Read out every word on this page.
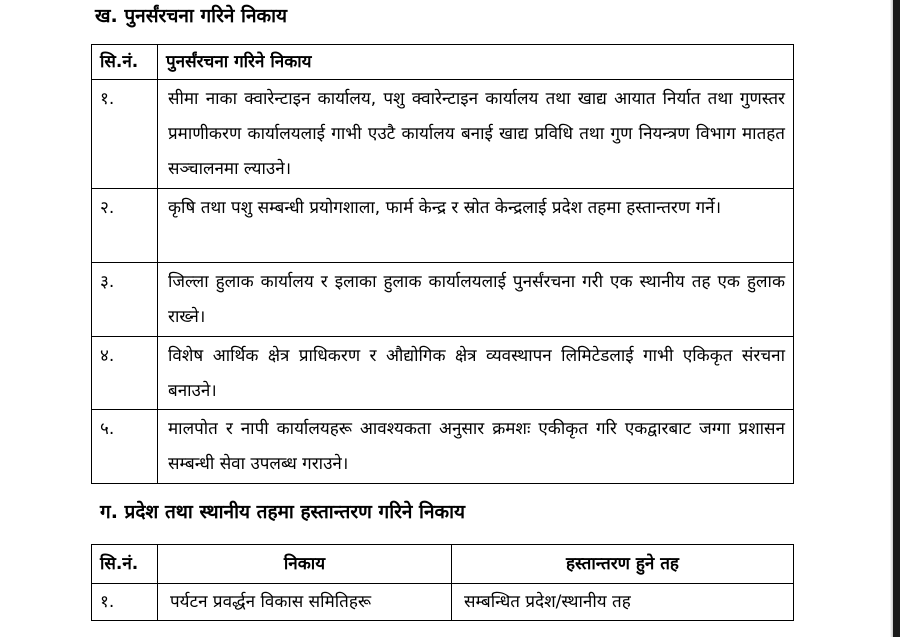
ख. पुनर्संरचना गरिने निकाय
सि.नं.	पुनर्संरचना गरिने निकाय
१.	सीमा नाका क्वारेन्टाइन कार्यालय, पशु क्वारेन्टाइन कार्यालय तथा खाद्य आयात निर्यात तथा गुणस्तर प्रमाणीकरण कार्यालयलाई गाभी एउटै कार्यालय बनाई खाद्य प्रविधि तथा गुण नियन्त्रण विभाग मातहत सञ्चालनमा ल्याउने।
२.	कृषि तथा पशु सम्बन्धी प्रयोगशाला, फार्म केन्द्र र स्रोत केन्द्रलाई प्रदेश तहमा हस्तान्तरण गर्ने।
३.	जिल्ला हुलाक कार्यालय र इलाका हुलाक कार्यालयलाई पुनर्संरचना गरी एक स्थानीय तह एक हुलाक राख्ने।
४.	विशेष आर्थिक क्षेत्र प्राधिकरण र औद्योगिक क्षेत्र व्यवस्थापन लिमिटेडलाई गाभी एकिकृत संरचना बनाउने।
५.	मालपोत र नापी कार्यालयहरू आवश्यकता अनुसार क्रमशः एकीकृत गरि एकद्वारबाट जग्गा प्रशासन सम्बन्धी सेवा उपलब्ध गराउने।
ग. प्रदेश तथा स्थानीय तहमा हस्तान्तरण गरिने निकाय
सि.नं.	निकाय	हस्तान्तरण हुने तह
१.	पर्यटन प्रवर्द्धन विकास समितिहरू	सम्बन्धित प्रदेश/स्थानीय तह
